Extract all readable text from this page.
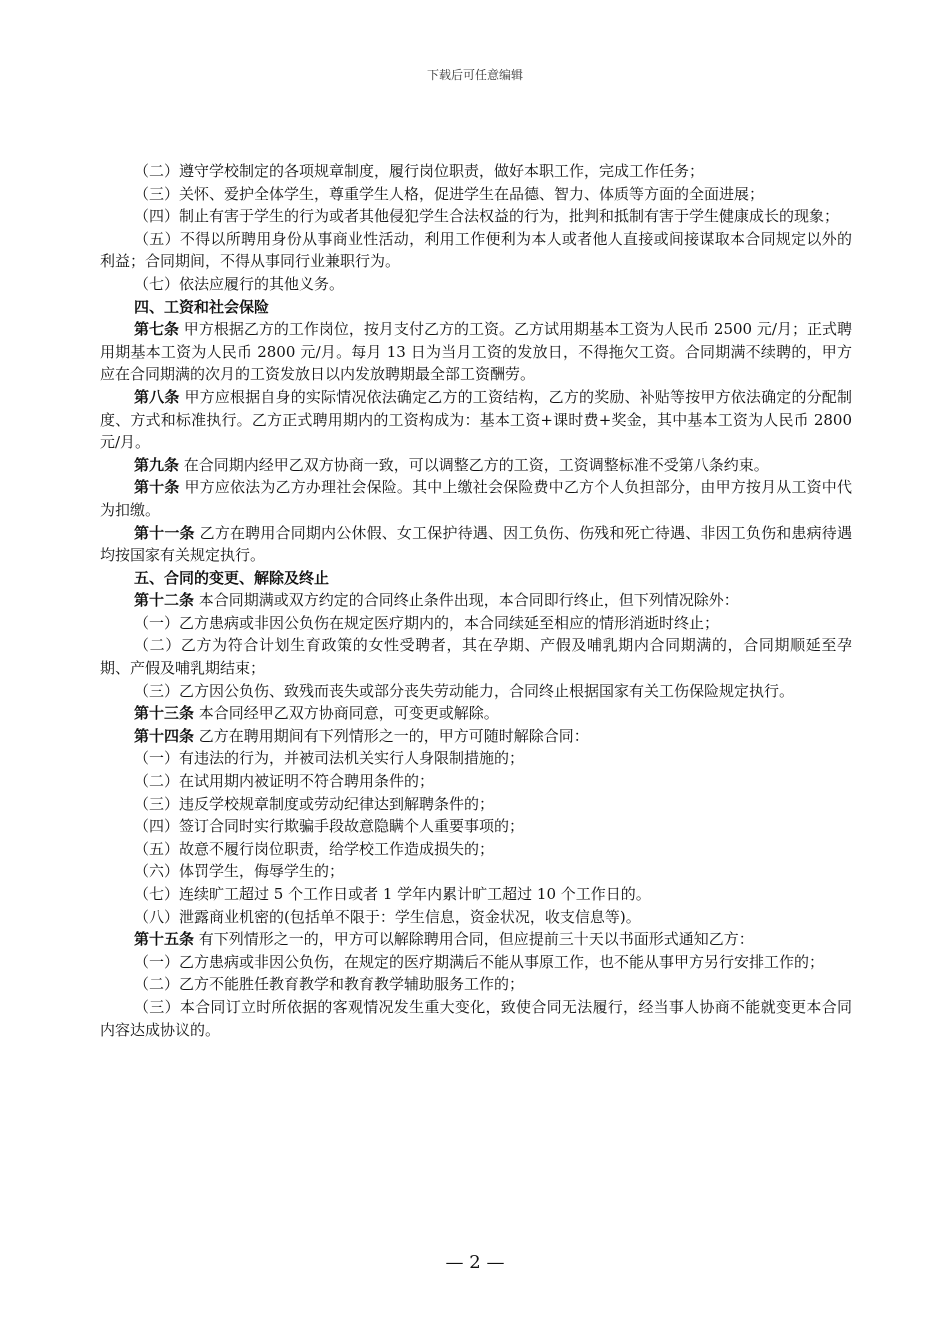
下载后可任意编辑

（二）遵守学校制定的各项规章制度，履行岗位职责，做好本职工作，完成工作任务；

（三）关怀、爱护全体学生，尊重学生人格，促进学生在品德、智力、体质等方面的全面进展；

（四）制止有害于学生的行为或者其他侵犯学生合法权益的行为，批判和抵制有害于学生健康成长的现象；

（五）不得以所聘用身份从事商业性活动，利用工作便利为本人或者他人直接或间接谋取本合同规定以外的利益；合同期间，不得从事同行业兼职行为。

（七）依法应履行的其他义务。

四、工资和社会保险

第七条 甲方根据乙方的工作岗位，按月支付乙方的工资。乙方试用期基本工资为人民币 2500 元/月；正式聘用期基本工资为人民币 2800 元/月。每月 13 日为当月工资的发放日，不得拖欠工资。合同期满不续聘的，甲方应在合同期满的次月的工资发放日以内发放聘期最全部工资酬劳。

第八条 甲方应根据自身的实际情况依法确定乙方的工资结构，乙方的奖励、补贴等按甲方依法确定的分配制度、方式和标准执行。乙方正式聘用期内的工资构成为：基本工资+课时费+奖金，其中基本工资为人民币 2800 元/月。

第九条 在合同期内经甲乙双方协商一致，可以调整乙方的工资，工资调整标准不受第八条约束。

第十条 甲方应依法为乙方办理社会保险。其中上缴社会保险费中乙方个人负担部分，由甲方按月从工资中代为扣缴。

第十一条 乙方在聘用合同期内公休假、女工保护待遇、因工负伤、伤残和死亡待遇、非因工负伤和患病待遇均按国家有关规定执行。

五、合同的变更、解除及终止

第十二条 本合同期满或双方约定的合同终止条件出现，本合同即行终止，但下列情况除外：

（一）乙方患病或非因公负伤在规定医疗期内的，本合同续延至相应的情形消逝时终止；

（二）乙方为符合计划生育政策的女性受聘者，其在孕期、产假及哺乳期内合同期满的，合同期顺延至孕期、产假及哺乳期结束；

（三）乙方因公负伤、致残而丧失或部分丧失劳动能力，合同终止根据国家有关工伤保险规定执行。

第十三条 本合同经甲乙双方协商同意，可变更或解除。

第十四条 乙方在聘用期间有下列情形之一的，甲方可随时解除合同：

（一）有违法的行为，并被司法机关实行人身限制措施的；

（二）在试用期内被证明不符合聘用条件的；

（三）违反学校规章制度或劳动纪律达到解聘条件的；

（四）签订合同时实行欺骗手段故意隐瞒个人重要事项的；

（五）故意不履行岗位职责，给学校工作造成损失的；

（六）体罚学生，侮辱学生的；

（七）连续旷工超过 5 个工作日或者 1 学年内累计旷工超过 10 个工作日的。

（八）泄露商业机密的(包括单不限于：学生信息，资金状况，收支信息等)。

第十五条 有下列情形之一的，甲方可以解除聘用合同，但应提前三十天以书面形式通知乙方：

（一）乙方患病或非因公负伤，在规定的医疗期满后不能从事原工作，也不能从事甲方另行安排工作的；

（二）乙方不能胜任教育教学和教育教学辅助服务工作的；

（三）本合同订立时所依据的客观情况发生重大变化，致使合同无法履行，经当事人协商不能就变更本合同内容达成协议的。

— 2 —
